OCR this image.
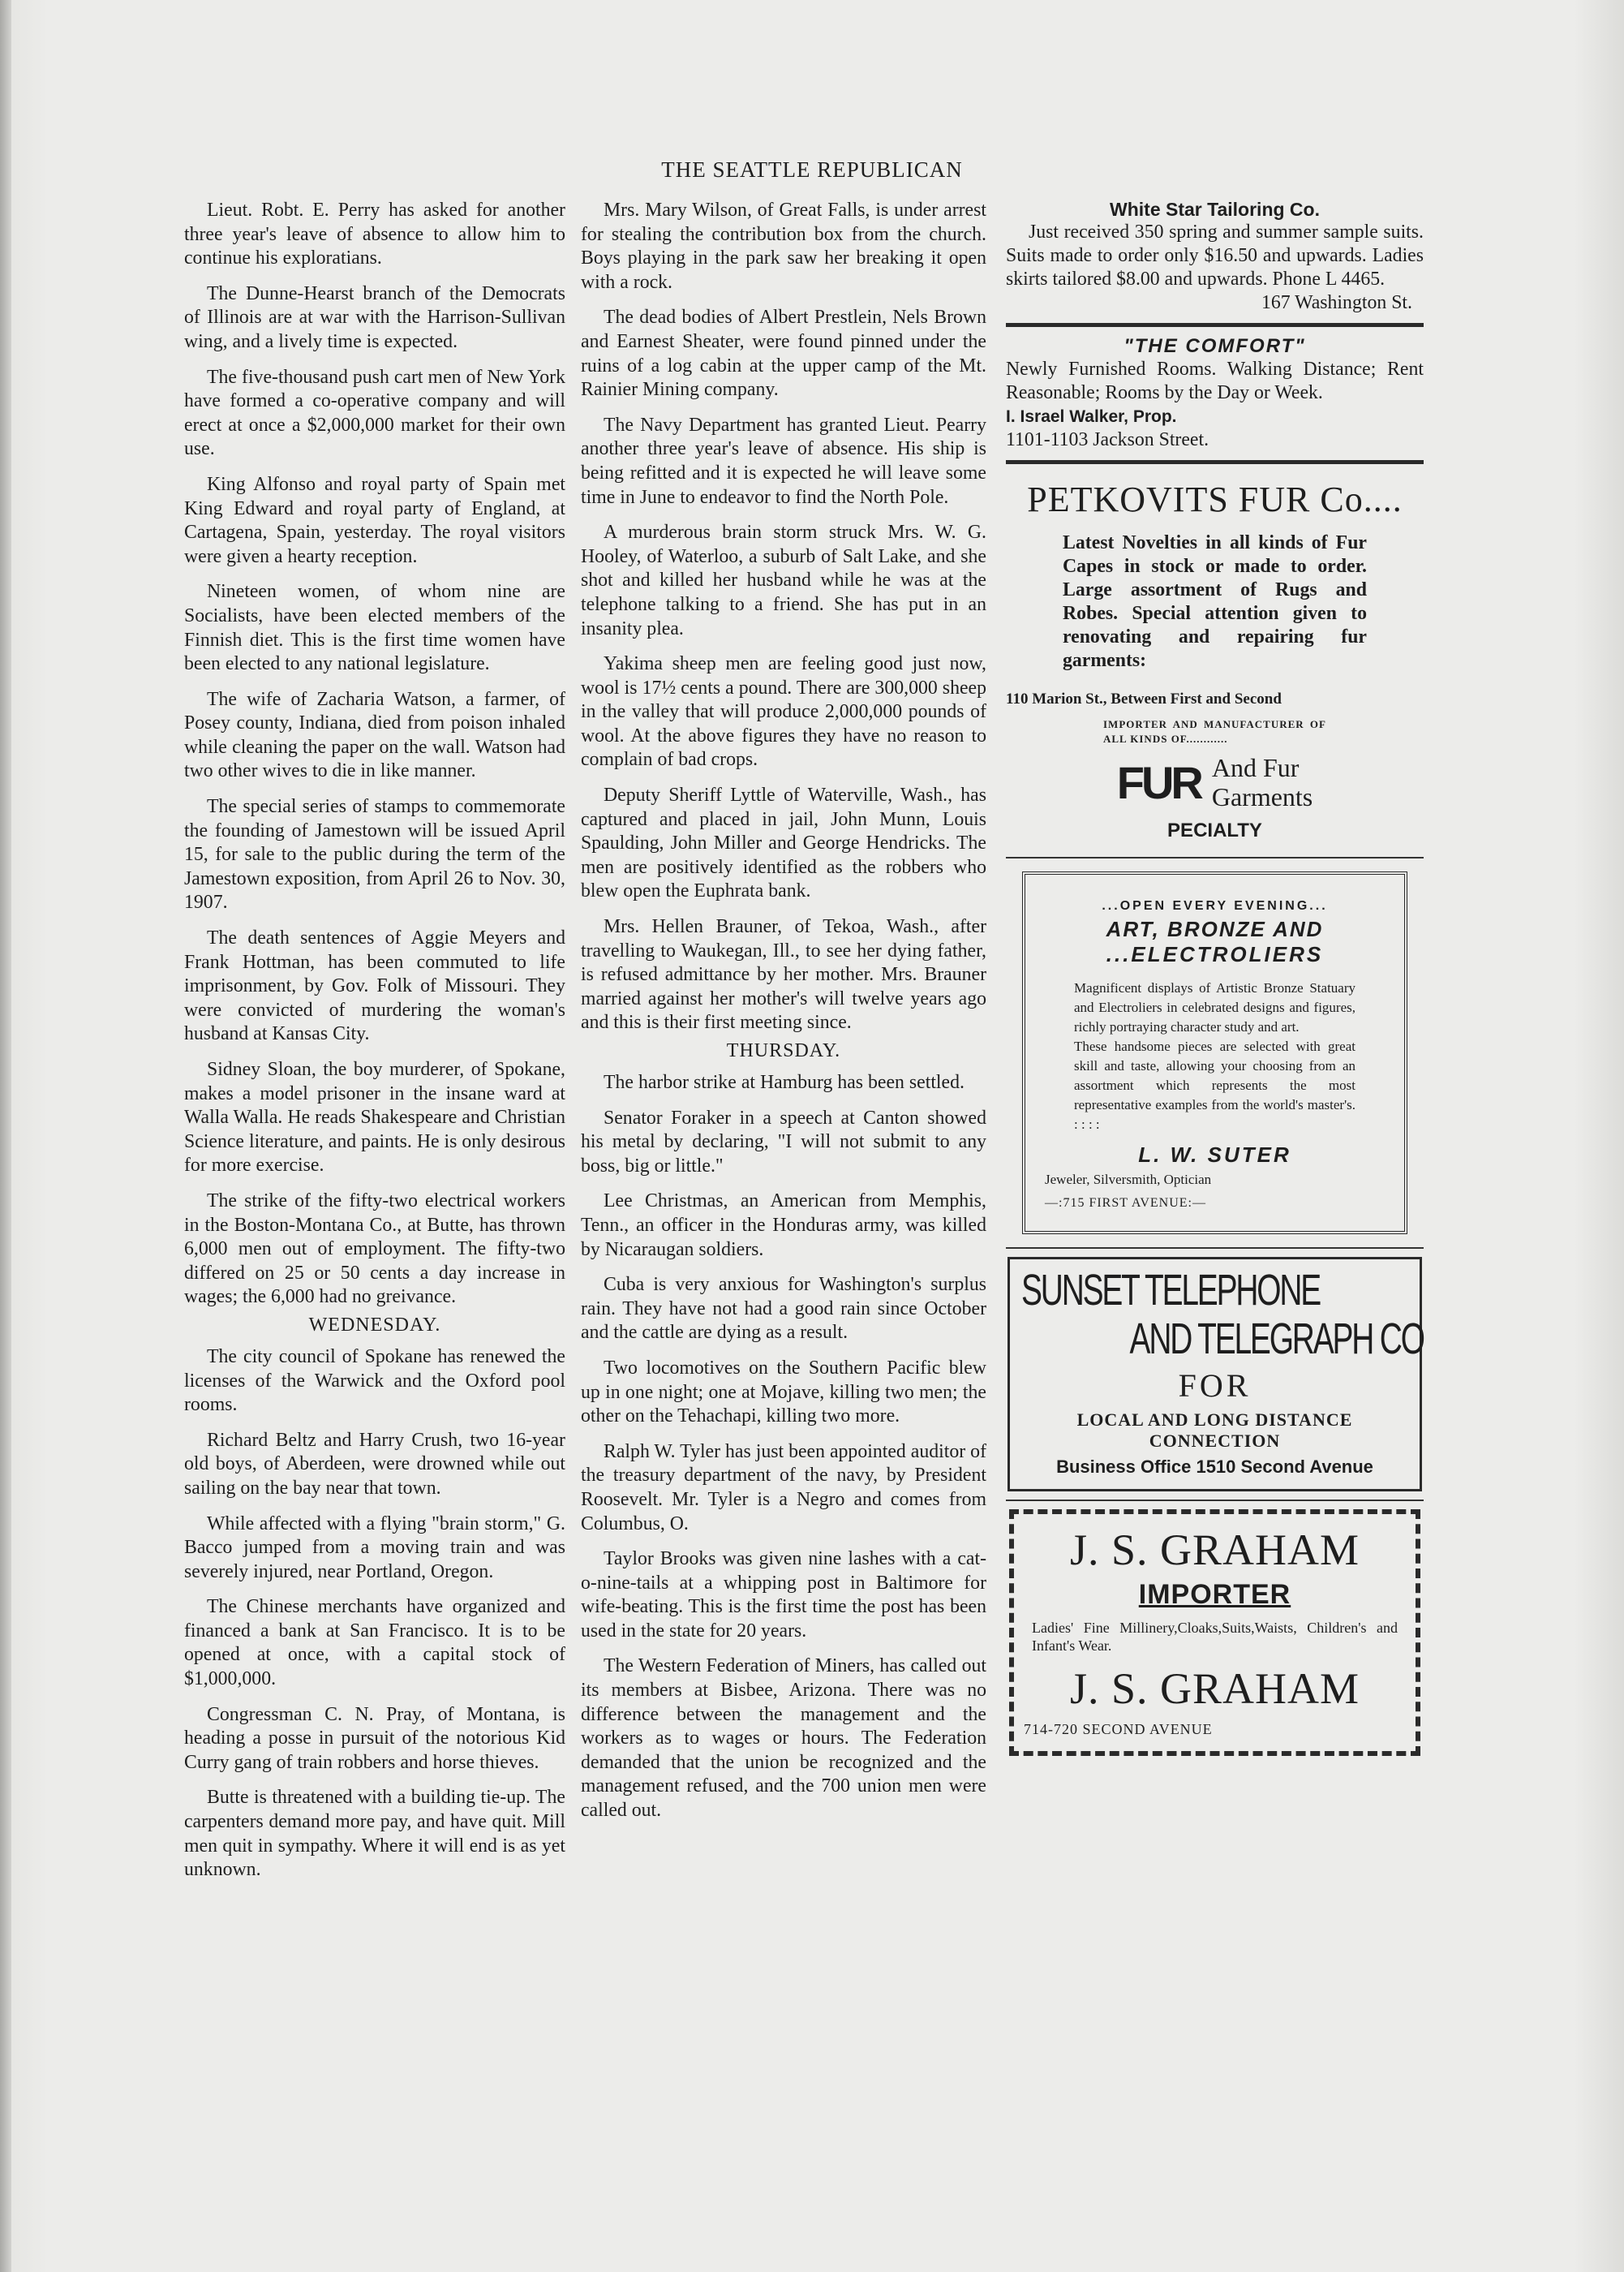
THE SEATTLE REPUBLICAN

Lieut. Robt. E. Perry has asked for another three year's leave of absence to allow him to continue his exploratians.

The Dunne-Hearst branch of the Democrats of Illinois are at war with the Harrison-Sullivan wing, and a lively time is expected.

The five-thousand push cart men of New York have formed a co-operative company and will erect at once a $2,000,000 market for their own use.

King Alfonso and royal party of Spain met King Edward and royal party of England, at Cartagena, Spain, yesterday. The royal visitors were given a hearty reception.

Nineteen women, of whom nine are Socialists, have been elected members of the Finnish diet. This is the first time women have been elected to any national legislature.

The wife of Zacharia Watson, a farmer, of Posey county, Indiana, died from poison inhaled while cleaning the paper on the wall. Watson had two other wives to die in like manner.

The special series of stamps to commemorate the founding of Jamestown will be issued April 15, for sale to the public during the term of the Jamestown exposition, from April 26 to Nov. 30, 1907.

The death sentences of Aggie Meyers and Frank Hottman, has been commuted to life imprisonment, by Gov. Folk of Missouri. They were convicted of murdering the woman's husband at Kansas City.

Sidney Sloan, the boy murderer, of Spokane, makes a model prisoner in the insane ward at Walla Walla. He reads Shakespeare and Christian Science literature, and paints. He is only desirous for more exercise.

The strike of the fifty-two electrical workers in the Boston-Montana Co., at Butte, has thrown 6,000 men out of employment. The fifty-two differed on 25 or 50 cents a day increase in wages; the 6,000 had no greivance.

WEDNESDAY.

The city council of Spokane has renewed the licenses of the Warwick and the Oxford pool rooms.

Richard Beltz and Harry Crush, two 16-year old boys, of Aberdeen, were drowned while out sailing on the bay near that town.

While affected with a flying "brain storm," G. Bacco jumped from a moving train and was severely injured, near Portland, Oregon.

The Chinese merchants have organized and financed a bank at San Francisco. It is to be opened at once, with a capital stock of $1,000,000.

Congressman C. N. Pray, of Montana, is heading a posse in pursuit of the notorious Kid Curry gang of train robbers and horse thieves.

Butte is threatened with a building tie-up. The carpenters demand more pay, and have quit. Mill men quit in sympathy. Where it will end is as yet unknown.

Mrs. Mary Wilson, of Great Falls, is under arrest for stealing the contribution box from the church. Boys playing in the park saw her breaking it open with a rock.

The dead bodies of Albert Prestlein, Nels Brown and Earnest Sheater, were found pinned under the ruins of a log cabin at the upper camp of the Mt. Rainier Mining company.

The Navy Department has granted Lieut. Pearry another three year's leave of absence. His ship is being refitted and it is expected he will leave some time in June to endeavor to find the North Pole.

A murderous brain storm struck Mrs. W. G. Hooley, of Waterloo, a suburb of Salt Lake, and she shot and killed her husband while he was at the telephone talking to a friend. She has put in an insanity plea.

Yakima sheep men are feeling good just now, wool is 17½ cents a pound. There are 300,000 sheep in the valley that will produce 2,000,000 pounds of wool. At the above figures they have no reason to complain of bad crops.

Deputy Sheriff Lyttle of Waterville, Wash., has captured and placed in jail, John Munn, Louis Spaulding, John Miller and George Hendricks. The men are positively identified as the robbers who blew open the Euphrata bank.

Mrs. Hellen Brauner, of Tekoa, Wash., after travelling to Waukegan, Ill., to see her dying father, is refused admittance by her mother. Mrs. Brauner married against her mother's will twelve years ago and this is their first meeting since.

THURSDAY.

The harbor strike at Hamburg has been settled.

Senator Foraker in a speech at Canton showed his metal by declaring, "I will not submit to any boss, big or little."

Lee Christmas, an American from Memphis, Tenn., an officer in the Honduras army, was killed by Nicaraugan soldiers.

Cuba is very anxious for Washington's surplus rain. They have not had a good rain since October and the cattle are dying as a result.

Two locomotives on the Southern Pacific blew up in one night; one at Mojave, killing two men; the other on the Tehachapi, killing two more.

Ralph W. Tyler has just been appointed auditor of the treasury department of the navy, by President Roosevelt. Mr. Tyler is a Negro and comes from Columbus, O.

Taylor Brooks was given nine lashes with a cat-o-nine-tails at a whipping post in Baltimore for wife-beating. This is the first time the post has been used in the state for 20 years.

The Western Federation of Miners, has called out its members at Bisbee, Arizona. There was no difference between the management and the workers as to wages or hours. The Federation demanded that the union be recognized and the management refused, and the 700 union men were called out.

White Star Tailoring Co.

Just received 350 spring and summer sample suits. Suits made to order only $16.50 and upwards. Ladies skirts tailored $8.00 and upwards. Phone L 4465.

167 Washington St.

"THE COMFORT"

Newly Furnished Rooms. Walking Distance; Rent Reasonable; Rooms by the Day or Week.

I. Israel Walker, Prop.

1101-1103 Jackson Street.

PETKOVITS FUR Co....

Latest Novelties in all kinds of Fur Capes in stock or made to order. Large assortment of Rugs and Robes. Special attention given to renovating and repairing fur garments:

110 Marion St., Between First and Second

IMPORTER AND MANUFACTURER OF ALL KINDS OF............

FUR And Fur
Garments
PECIALTY
...OPEN EVERY EVENING...
ART, BRONZE AND
...ELECTROLIERS

Magnificent displays of Artistic Bronze Statuary and Electroliers in celebrated designs and figures, richly portraying character study and art.

These handsome pieces are selected with great skill and taste, allowing your choosing from an assortment which represents the most representative examples from the world's master's. : : : :

L. W. SUTER

Jeweler, Silversmith, Optician

—:715 FIRST AVENUE:—

SUNSET TELEPHONE
AND TELEGRAPH CO
FOR
LOCAL AND LONG DISTANCE
CONNECTION
Business Office 1510 Second Avenue
J. S. GRAHAM
IMPORTER

Ladies' Fine Millinery,Cloaks,Suits,Waists, Children's and Infant's Wear.

J. S. GRAHAM

714-720 SECOND AVENUE
